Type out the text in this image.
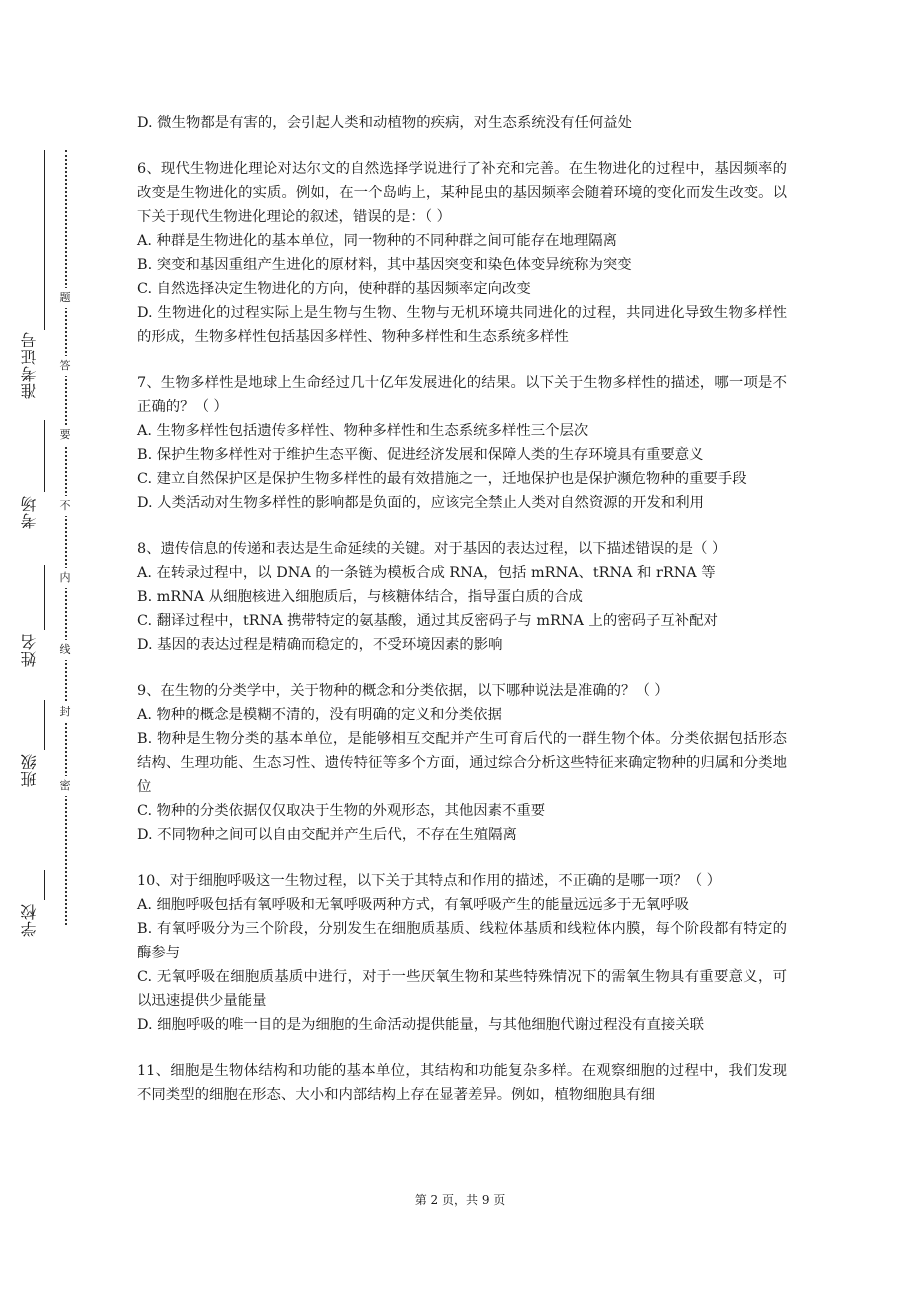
学校
班级
姓名
考场
准考证号
密
封
线
内
不
要
答
题

D. 微生物都是有害的，会引起人类和动植物的疾病，对生态系统没有任何益处

6、现代生物进化理论对达尔文的自然选择学说进行了补充和完善。在生物进化的过程中，基因频率的改变是生物进化的实质。例如，在一个岛屿上，某种昆虫的基因频率会随着环境的变化而发生改变。以下关于现代生物进化理论的叙述，错误的是：（ ）

A. 种群是生物进化的基本单位，同一物种的不同种群之间可能存在地理隔离

B. 突变和基因重组产生进化的原材料，其中基因突变和染色体变异统称为突变

C. 自然选择决定生物进化的方向，使种群的基因频率定向改变

D. 生物进化的过程实际上是生物与生物、生物与无机环境共同进化的过程，共同进化导致生物多样性的形成，生物多样性包括基因多样性、物种多样性和生态系统多样性

7、生物多样性是地球上生命经过几十亿年发展进化的结果。以下关于生物多样性的描述，哪一项是不正确的？（ ）

A. 生物多样性包括遗传多样性、物种多样性和生态系统多样性三个层次

B. 保护生物多样性对于维护生态平衡、促进经济发展和保障人类的生存环境具有重要意义

C. 建立自然保护区是保护生物多样性的最有效措施之一，迁地保护也是保护濒危物种的重要手段

D. 人类活动对生物多样性的影响都是负面的，应该完全禁止人类对自然资源的开发和利用

8、遗传信息的传递和表达是生命延续的关键。对于基因的表达过程，以下描述错误的是（ ）

A. 在转录过程中，以 DNA 的一条链为模板合成 RNA，包括 mRNA、tRNA 和 rRNA 等

B. mRNA 从细胞核进入细胞质后，与核糖体结合，指导蛋白质的合成

C. 翻译过程中，tRNA 携带特定的氨基酸，通过其反密码子与 mRNA 上的密码子互补配对

D. 基因的表达过程是精确而稳定的，不受环境因素的影响

9、在生物的分类学中，关于物种的概念和分类依据，以下哪种说法是准确的？（ ）

A. 物种的概念是模糊不清的，没有明确的定义和分类依据

B. 物种是生物分类的基本单位，是能够相互交配并产生可育后代的一群生物个体。分类依据包括形态结构、生理功能、生态习性、遗传特征等多个方面，通过综合分析这些特征来确定物种的归属和分类地位

C. 物种的分类依据仅仅取决于生物的外观形态，其他因素不重要

D. 不同物种之间可以自由交配并产生后代，不存在生殖隔离

10、对于细胞呼吸这一生物过程，以下关于其特点和作用的描述，不正确的是哪一项？（ ）

A. 细胞呼吸包括有氧呼吸和无氧呼吸两种方式，有氧呼吸产生的能量远远多于无氧呼吸

B. 有氧呼吸分为三个阶段，分别发生在细胞质基质、线粒体基质和线粒体内膜，每个阶段都有特定的酶参与

C. 无氧呼吸在细胞质基质中进行，对于一些厌氧生物和某些特殊情况下的需氧生物具有重要意义，可以迅速提供少量能量

D. 细胞呼吸的唯一目的是为细胞的生命活动提供能量，与其他细胞代谢过程没有直接关联

11、细胞是生物体结构和功能的基本单位，其结构和功能复杂多样。在观察细胞的过程中，我们发现不同类型的细胞在形态、大小和内部结构上存在显著差异。例如，植物细胞具有细

第 2 页，共 9 页
